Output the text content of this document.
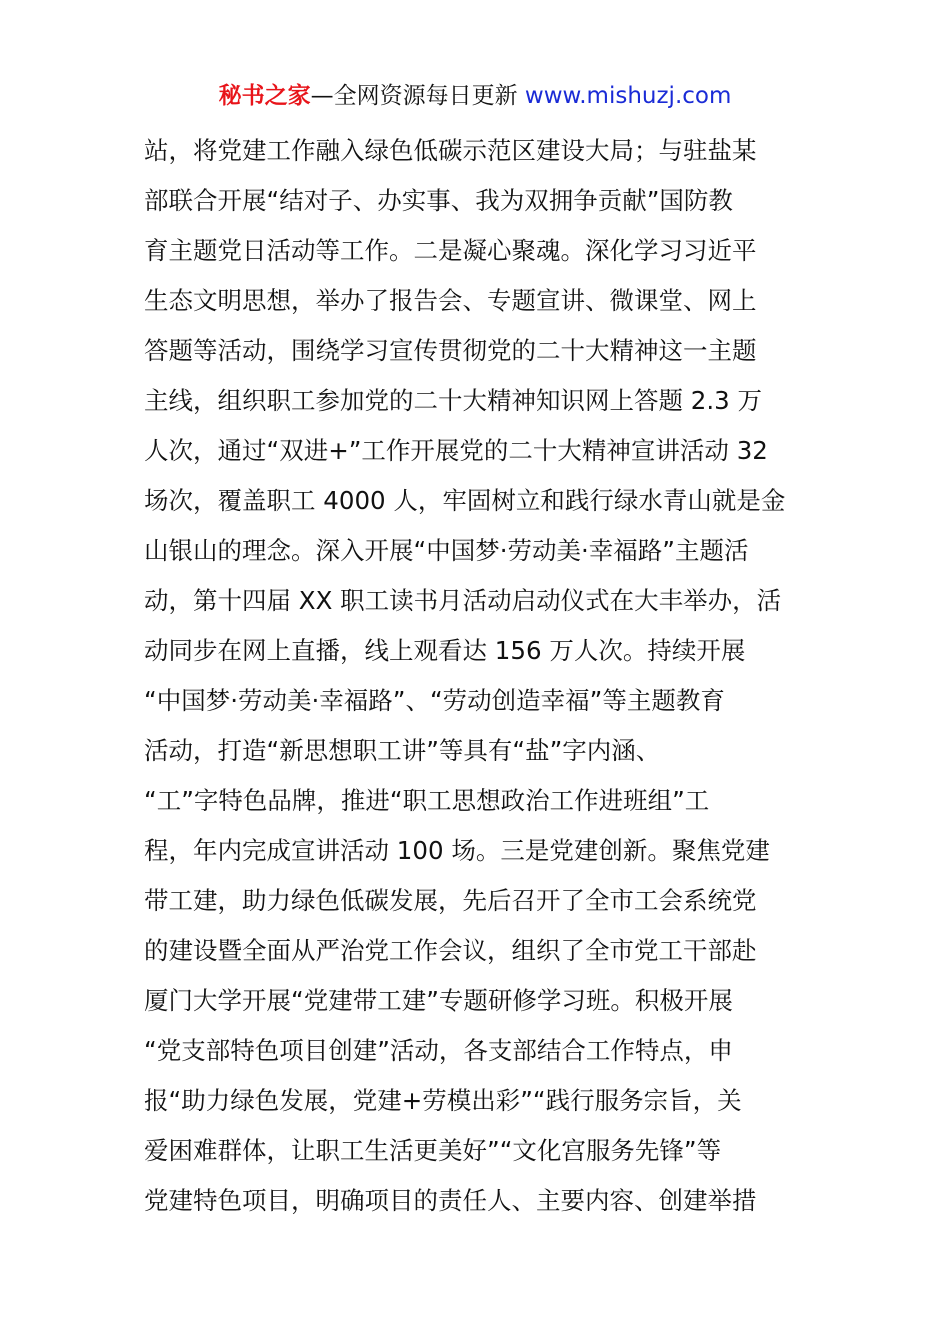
秘书之家—全网资源每日更新 www.mishuzj.com
站，将党建工作融入绿色低碳示范区建设大局；与驻盐某
部联合开展“结对子、办实事、我为双拥争贡献”国防教
育主题党日活动等工作。二是凝心聚魂。深化学习习近平
生态文明思想，举办了报告会、专题宣讲、微课堂、网上
答题等活动，围绕学习宣传贯彻党的二十大精神这一主题
主线，组织职工参加党的二十大精神知识网上答题 2.3 万
人次，通过“双进+”工作开展党的二十大精神宣讲活动 32
场次，覆盖职工 4000 人，牢固树立和践行绿水青山就是金
山银山的理念。深入开展“中国梦·劳动美·幸福路”主题活
动，第十四届 XX 职工读书月活动启动仪式在大丰举办，活
动同步在网上直播，线上观看达 156 万人次。持续开展
“中国梦·劳动美·幸福路”、“劳动创造幸福”等主题教育
活动，打造“新思想职工讲”等具有“盐”字内涵、
“工”字特色品牌，推进“职工思想政治工作进班组”工
程，年内完成宣讲活动 100 场。三是党建创新。聚焦党建
带工建，助力绿色低碳发展，先后召开了全市工会系统党
的建设暨全面从严治党工作会议，组织了全市党工干部赴
厦门大学开展“党建带工建”专题研修学习班。积极开展
“党支部特色项目创建”活动，各支部结合工作特点，申
报“助力绿色发展，党建+劳模出彩”“践行服务宗旨，关
爱困难群体，让职工生活更美好”“文化宫服务先锋”等
党建特色项目，明确项目的责任人、主要内容、创建举措
